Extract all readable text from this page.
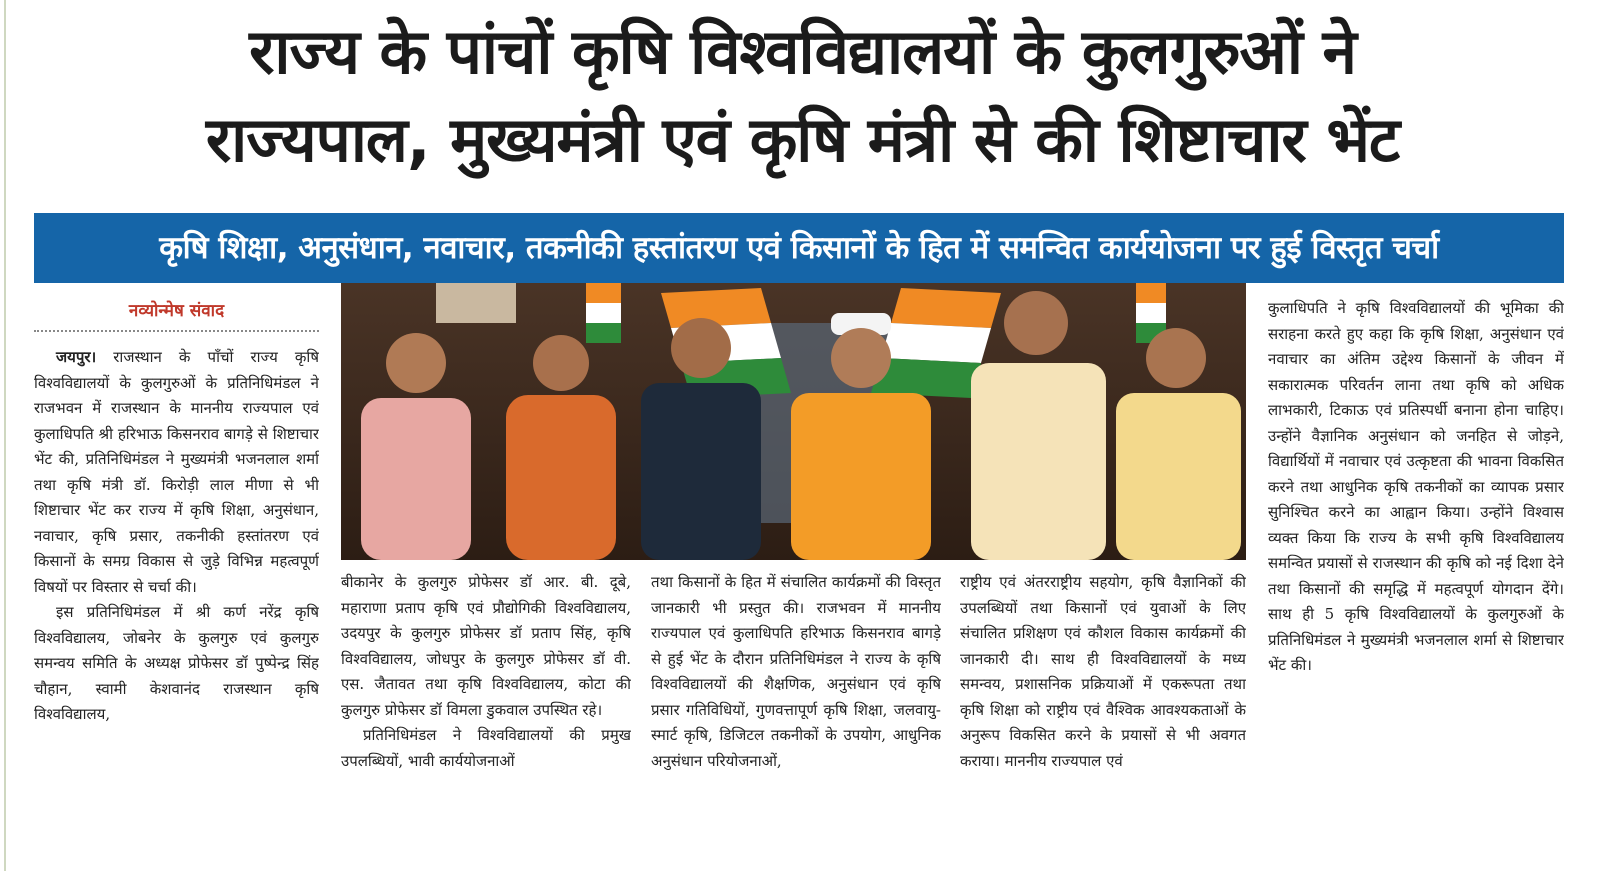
राज्य के पांचों कृषि विश्वविद्यालयों के कुलगुरुओं ने
राज्यपाल, मुख्यमंत्री एवं कृषि मंत्री से की शिष्टाचार भेंट
कृषि शिक्षा, अनुसंधान, नवाचार, तकनीकी हस्तांतरण एवं किसानों के हित में समन्वित कार्ययोजना पर हुई विस्तृत चर्चा
नव्योन्मेष संवाद

जयपुर। राजस्थान के पाँचों राज्य कृषि विश्वविद्यालयों के कुलगुरुओं के प्रतिनिधिमंडल ने राजभवन में राजस्थान के माननीय राज्यपाल एवं कुलाधिपति श्री हरिभाऊ किसनराव बागड़े से शिष्टाचार भेंट की, प्रतिनिधिमंडल ने मुख्यमंत्री भजनलाल शर्मा तथा कृषि मंत्री डॉ. किरोड़ी लाल मीणा से भी शिष्टाचार भेंट कर राज्य में कृषि शिक्षा, अनुसंधान, नवाचार, कृषि प्रसार, तकनीकी हस्तांतरण एवं किसानों के समग्र विकास से जुड़े विभिन्न महत्वपूर्ण विषयों पर विस्तार से चर्चा की।

इस प्रतिनिधिमंडल में श्री कर्ण नरेंद्र कृषि विश्वविद्यालय, जोबनेर के कुलगुरु एवं कुलगुरु समन्वय समिति के अध्यक्ष प्रोफेसर डॉ पुष्पेन्द्र सिंह चौहान, स्वामी केशवानंद राजस्थान कृषि विश्वविद्यालय,

बीकानेर के कुलगुरु प्रोफेसर डॉ आर. बी. दूबे, महाराणा प्रताप कृषि एवं प्रौद्योगिकी विश्वविद्यालय, उदयपुर के कुलगुरु प्रोफेसर डॉ प्रताप सिंह, कृषि विश्वविद्यालय, जोधपुर के कुलगुरु प्रोफेसर डॉ वी. एस. जैतावत तथा कृषि विश्वविद्यालय, कोटा की कुलगुरु प्रोफेसर डॉ विमला डुकवाल उपस्थित रहे।

प्रतिनिधिमंडल ने विश्वविद्यालयों की प्रमुख उपलब्धियों, भावी कार्ययोजनाओं

तथा किसानों के हित में संचालित कार्यक्रमों की विस्तृत जानकारी भी प्रस्तुत की। राजभवन में माननीय राज्यपाल एवं कुलाधिपति हरिभाऊ किसनराव बागड़े से हुई भेंट के दौरान प्रतिनिधिमंडल ने राज्य के कृषि विश्वविद्यालयों की शैक्षणिक, अनुसंधान एवं कृषि प्रसार गतिविधियों, गुणवत्तापूर्ण कृषि शिक्षा, जलवायु-स्मार्ट कृषि, डिजिटल तकनीकों के उपयोग, आधुनिक अनुसंधान परियोजनाओं,

राष्ट्रीय एवं अंतरराष्ट्रीय सहयोग, कृषि वैज्ञानिकों की उपलब्धियों तथा किसानों एवं युवाओं के लिए संचालित प्रशिक्षण एवं कौशल विकास कार्यक्रमों की जानकारी दी। साथ ही विश्वविद्यालयों के मध्य समन्वय, प्रशासनिक प्रक्रियाओं में एकरूपता तथा कृषि शिक्षा को राष्ट्रीय एवं वैश्विक आवश्यकताओं के अनुरूप विकसित करने के प्रयासों से भी अवगत कराया। माननीय राज्यपाल एवं

कुलाधिपति ने कृषि विश्वविद्यालयों की भूमिका की सराहना करते हुए कहा कि कृषि शिक्षा, अनुसंधान एवं नवाचार का अंतिम उद्देश्य किसानों के जीवन में सकारात्मक परिवर्तन लाना तथा कृषि को अधिक लाभकारी, टिकाऊ एवं प्रतिस्पर्धी बनाना होना चाहिए। उन्होंने वैज्ञानिक अनुसंधान को जनहित से जोड़ने, विद्यार्थियों में नवाचार एवं उत्कृष्टता की भावना विकसित करने तथा आधुनिक कृषि तकनीकों का व्यापक प्रसार सुनिश्चित करने का आह्वान किया। उन्होंने विश्वास व्यक्त किया कि राज्य के सभी कृषि विश्वविद्यालय समन्वित प्रयासों से राजस्थान की कृषि को नई दिशा देने तथा किसानों की समृद्धि में महत्वपूर्ण योगदान देंगे। साथ ही 5 कृषि विश्वविद्यालयों के कुलगुरुओं के प्रतिनिधिमंडल ने मुख्यमंत्री भजनलाल शर्मा से शिष्टाचार भेंट की।
